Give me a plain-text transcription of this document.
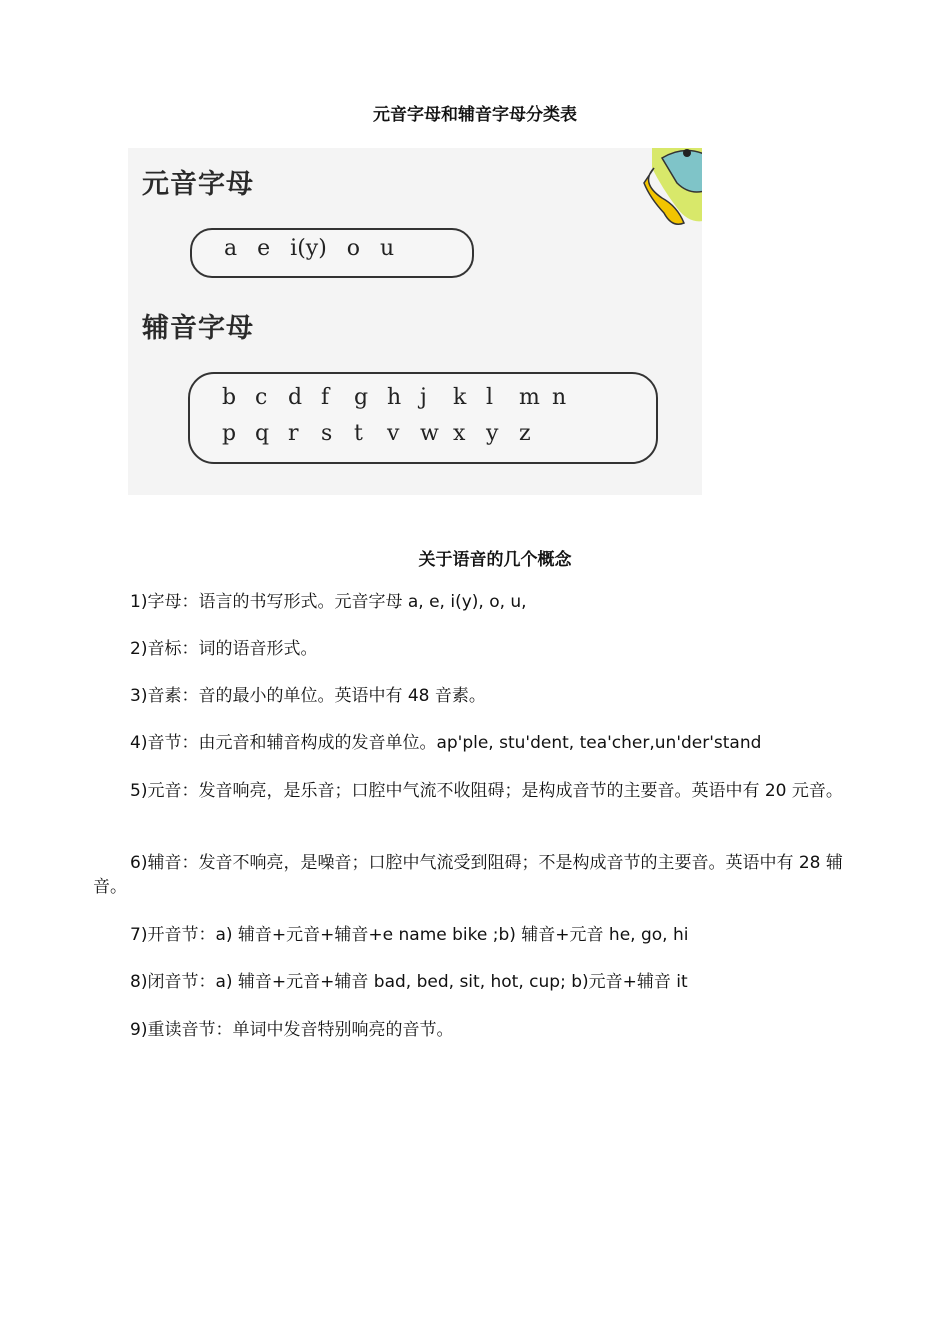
元音字母和辅音字母分类表
元音字母
a e i(y) o u
辅音字母
b c d f	g h j	k l	m n
p q r	s t	v w x y z
关于语音的几个概念
1)字母：语言的书写形式。元音字母 a, e, i(y), o, u,
2)音标：词的语音形式。
3)音素：音的最小的单位。英语中有 48 音素。
4)音节：由元音和辅音构成的发音单位。ap'ple, stu'dent, tea'cher,un'der'stand
5)元音：发音响亮，是乐音；口腔中气流不收阻碍；是构成音节的主要音。英语中有 20 元音。
6)辅音：发音不响亮，是噪音；口腔中气流受到阻碍；不是构成音节的主要音。英语中有 28 辅音。
7)开音节：a) 辅音+元音+辅音+e name bike ;b) 辅音+元音 he, go, hi
8)闭音节：a) 辅音+元音+辅音 bad, bed, sit, hot, cup; b)元音+辅音 it
9)重读音节：单词中发音特别响亮的音节。
